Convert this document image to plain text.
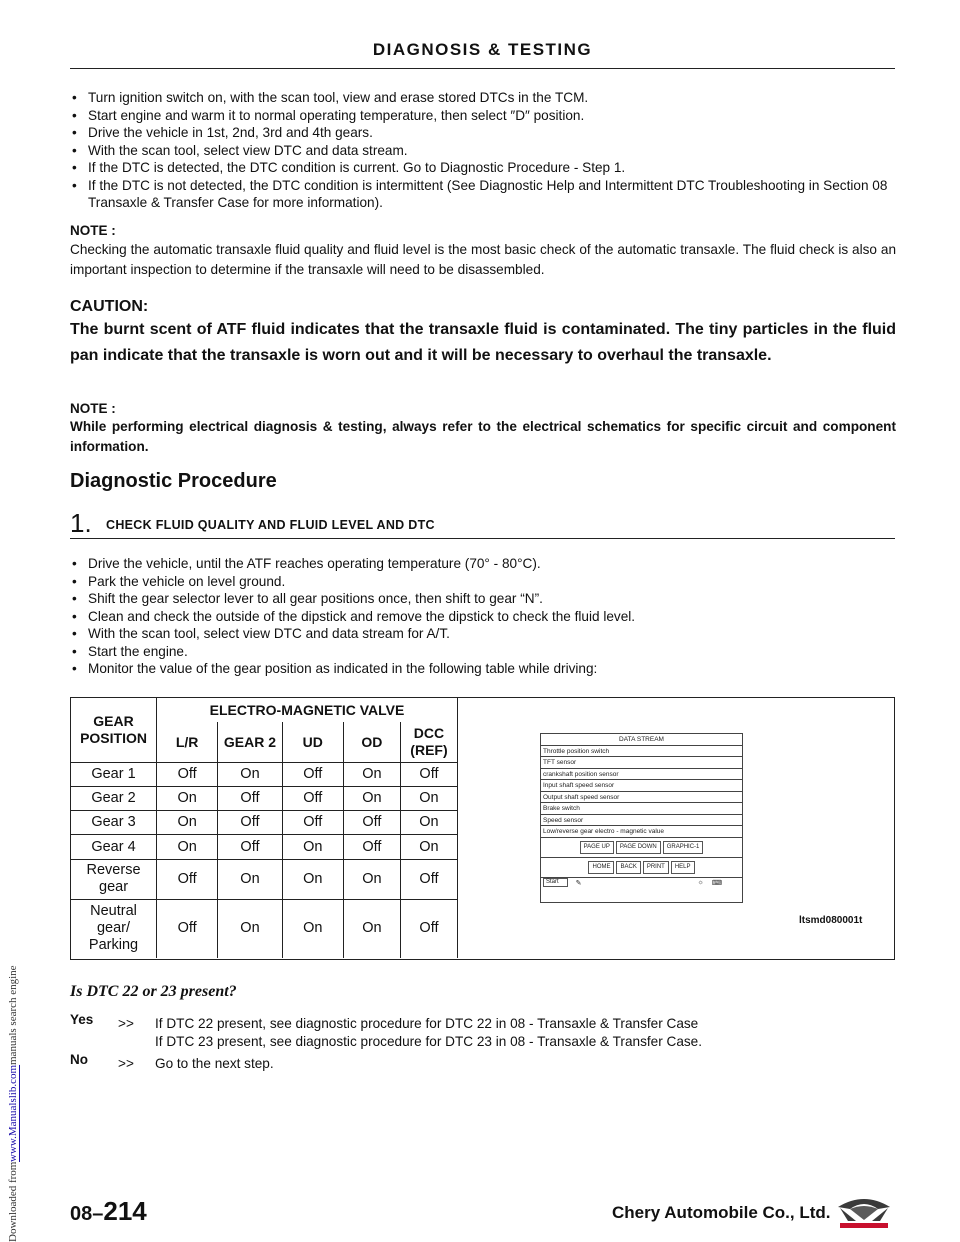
Downloaded from
www.Manualslib.com
manuals search engine
DIAGNOSIS & TESTING
• Turn ignition switch on, with the scan tool, view and erase stored DTCs in the TCM.
• Start engine and warm it to normal operating temperature, then select ″D″ position.
• Drive the vehicle in 1st, 2nd, 3rd and 4th gears.
• With the scan tool, select view DTC and data stream.
• If the DTC is detected, the DTC condition is current. Go to Diagnostic Procedure - Step 1.
• If the DTC is not detected, the DTC condition is intermittent (See Diagnostic Help and Intermittent DTC Troubleshooting in Section 08 Transaxle & Transfer Case for more information).
NOTE :
Checking the automatic transaxle fluid quality and fluid level is the most basic check of the automatic transaxle. The fluid check is also an important inspection to determine if the transaxle will need to be disassembled.
CAUTION:
The burnt scent of ATF fluid indicates that the transaxle fluid is contaminated. The tiny particles in the fluid pan indicate that the transaxle is worn out and it will be necessary to overhaul the transaxle.
NOTE :
While performing electrical diagnosis & testing, always refer to the electrical schematics for specific circuit and component information.
Diagnostic Procedure
1. CHECK FLUID QUALITY AND FLUID LEVEL AND DTC
• Drive the vehicle, until the ATF reaches operating temperature (70° - 80°C).
• Park the vehicle on level ground.
• Shift the gear selector lever to all gear positions once, then shift to gear “N”.
• Clean and check the outside of the dipstick and remove the dipstick to check the fluid level.
• With the scan tool, select view DTC and data stream for A/T.
• Start the engine.
• Monitor the value of the gear position as indicated in the following table while driving:
GEAR POSITION	ELECTRO-MAGNETIC VALVE				
	L/R	GEAR 2	UD	OD	DCC (REF)
Gear 1	Off	On	Off	On	Off
Gear 2	On	Off	Off	On	On
Gear 3	On	Off	Off	Off	On
Gear 4	On	Off	On	Off	On
Reverse gear	Off	On	On	On	Off
Neutral gear/ Parking	Off	On	On	On	Off
DATA STREAM
Throttle position switch
TFT sensor
crankshaft position sensor
Input shaft speed sensor
Output shaft speed sensor
Brake switch
Speed sensor
Low/reverse gear electro - magnetic value
PAGE UP	PAGE DOWN	GRAPHIC-1
HOME	BACK	PRINT	HELP
Start	✎	☼ ⌨
ltsmd080001t
Is DTC 22 or 23 present?
Yes >> If DTC 22 present, see diagnostic procedure for DTC 22 in 08 - Transaxle & Transfer Case
If DTC 23 present, see diagnostic procedure for DTC 23 in 08 - Transaxle & Transfer Case.
No >> Go to the next step.
08–214	Chery Automobile Co., Ltd.
